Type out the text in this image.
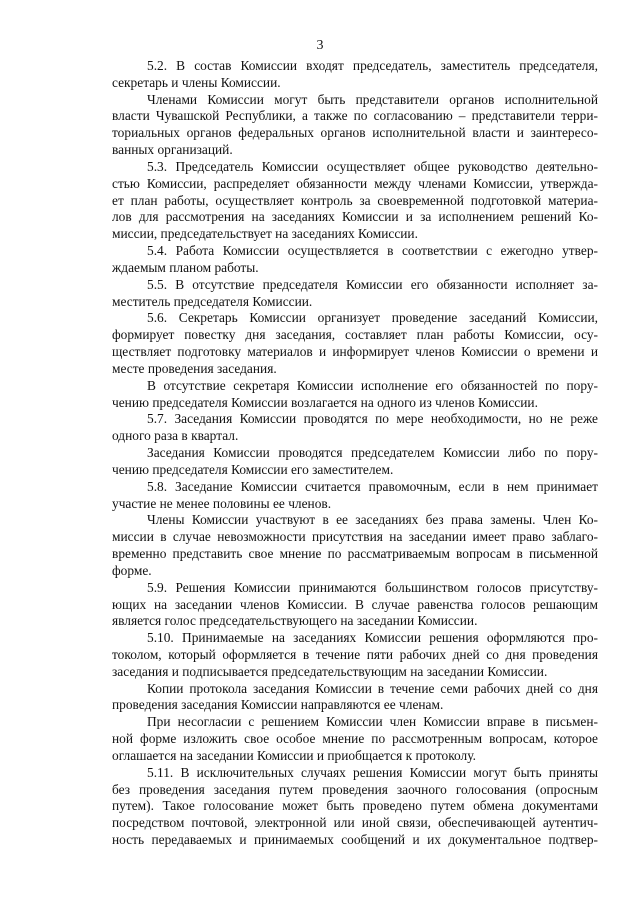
3
5.2. В состав Комиссии входят председатель, заместитель председателя,
секретарь и члены Комиссии.
Членами Комиссии могут быть представители органов исполнительной
власти Чувашской Республики, а также по согласованию – представители терри-
ториальных органов федеральных органов исполнительной власти и заинтересо-
ванных организаций.
5.3. Председатель Комиссии осуществляет общее руководство деятельно-
стью Комиссии, распределяет обязанности между членами Комиссии, утвержда-
ет план работы, осуществляет контроль за своевременной подготовкой материа-
лов для рассмотрения на заседаниях Комиссии и за исполнением решений Ко-
миссии, председательствует на заседаниях Комиссии.
5.4. Работа Комиссии осуществляется в соответствии с ежегодно утвер-
ждаемым планом работы.
5.5. В отсутствие председателя Комиссии его обязанности исполняет за-
меститель председателя Комиссии.
5.6. Секретарь Комиссии организует проведение заседаний Комиссии,
формирует повестку дня заседания, составляет план работы Комиссии, осу-
ществляет подготовку материалов и информирует членов Комиссии о времени и
месте проведения заседания.
В отсутствие секретаря Комиссии исполнение его обязанностей по пору-
чению председателя Комиссии возлагается на одного из членов Комиссии.
5.7. Заседания Комиссии проводятся по мере необходимости, но не реже
одного раза в квартал.
Заседания Комиссии проводятся председателем Комиссии либо по пору-
чению председателя Комиссии его заместителем.
5.8. Заседание Комиссии считается правомочным, если в нем принимает
участие не менее половины ее членов.
Члены Комиссии участвуют в ее заседаниях без права замены. Член Ко-
миссии в случае невозможности присутствия на заседании имеет право заблаго-
временно представить свое мнение по рассматриваемым вопросам в письменной
форме.
5.9. Решения Комиссии принимаются большинством голосов присутству-
ющих на заседании членов Комиссии. В случае равенства голосов решающим
является голос председательствующего на заседании Комиссии.
5.10. Принимаемые на заседаниях Комиссии решения оформляются про-
токолом, который оформляется в течение пяти рабочих дней со дня проведения
заседания и подписывается председательствующим на заседании Комиссии.
Копии протокола заседания Комиссии в течение семи рабочих дней со дня
проведения заседания Комиссии направляются ее членам.
При несогласии с решением Комиссии член Комиссии вправе в письмен-
ной форме изложить свое особое мнение по рассмотренным вопросам, которое
оглашается на заседании Комиссии и приобщается к протоколу.
5.11. В исключительных случаях решения Комиссии могут быть приняты
без проведения заседания путем проведения заочного голосования (опросным
путем). Такое голосование может быть проведено путем обмена документами
посредством почтовой, электронной или иной связи, обеспечивающей аутентич-
ность передаваемых и принимаемых сообщений и их документальное подтвер-
